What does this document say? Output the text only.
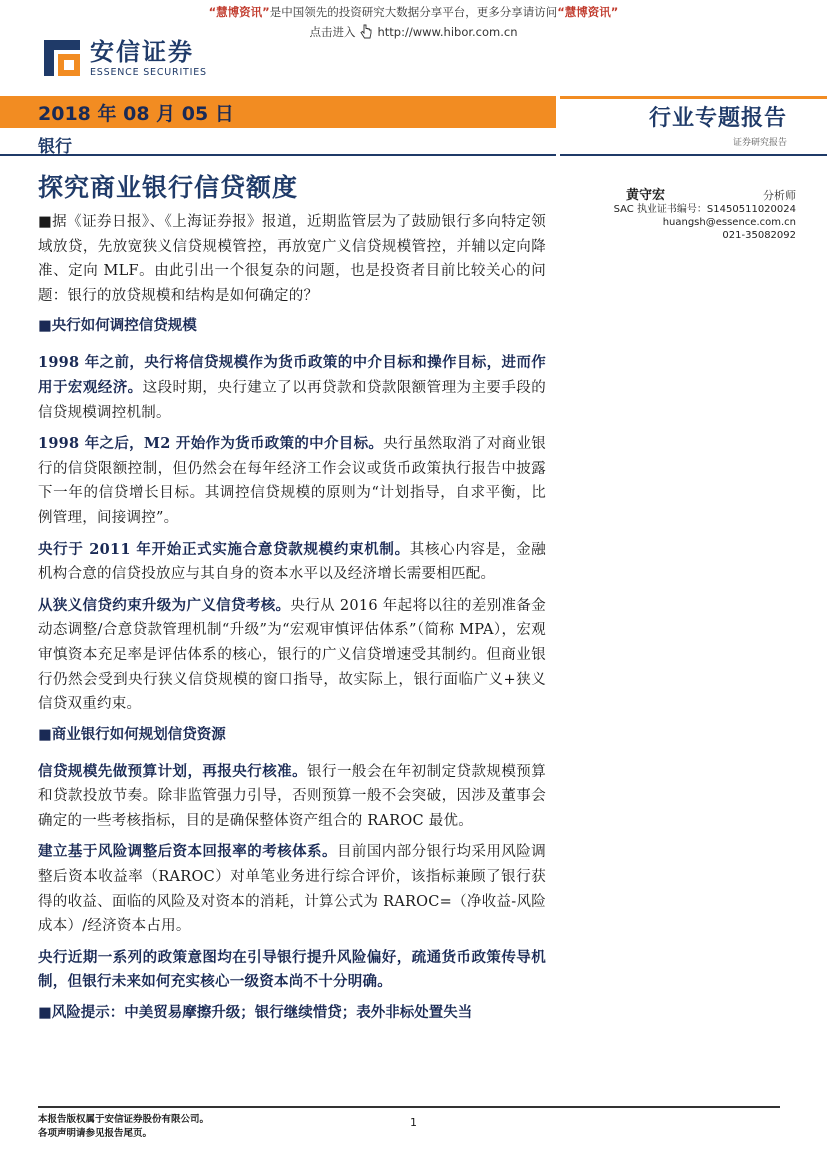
“慧博资讯”是中国领先的投资研究大数据分享平台，更多分享请访问“慧博资讯”
点击进入 http://www.hibor.com.cn
安信证券
ESSENCE SECURITIES
2018 年 08 月 05 日
银行
行业专题报告
证券研究报告
探究商业银行信贷额度	黄守宏	分析师
SAC 执业证书编号：S1450511020024
huangsh@essence.com.cn
021-35082092

■据《证券日报》、《上海证券报》报道，近期监管层为了鼓励银行多向特定领域放贷，先放宽狭义信贷规模管控，再放宽广义信贷规模管控，并辅以定向降准、定向 MLF。由此引出一个很复杂的问题，也是投资者目前比较关心的问题：银行的放贷规模和结构是如何确定的？

■央行如何调控信贷规模

1998 年之前，央行将信贷规模作为货币政策的中介目标和操作目标，进而作用于宏观经济。这段时期，央行建立了以再贷款和贷款限额管理为主要手段的信贷规模调控机制。

1998 年之后，M2 开始作为货币政策的中介目标。央行虽然取消了对商业银行的信贷限额控制，但仍然会在每年经济工作会议或货币政策执行报告中披露下一年的信贷增长目标。其调控信贷规模的原则为“计划指导，自求平衡，比例管理，间接调控”。

央行于 2011 年开始正式实施合意贷款规模约束机制。其核心内容是，金融机构合意的信贷投放应与其自身的资本水平以及经济增长需要相匹配。

从狭义信贷约束升级为广义信贷考核。央行从 2016 年起将以往的差别准备金动态调整/合意贷款管理机制“升级”为“宏观审慎评估体系”（简称 MPA），宏观审慎资本充足率是评估体系的核心，银行的广义信贷增速受其制约。但商业银行仍然会受到央行狭义信贷规模的窗口指导，故实际上，银行面临广义+狭义信贷双重约束。

■商业银行如何规划信贷资源

信贷规模先做预算计划，再报央行核准。银行一般会在年初制定贷款规模预算和贷款投放节奏。除非监管强力引导，否则预算一般不会突破，因涉及董事会确定的一些考核指标，目的是确保整体资产组合的 RAROC 最优。

建立基于风险调整后资本回报率的考核体系。目前国内部分银行均采用风险调整后资本收益率（RAROC）对单笔业务进行综合评价，该指标兼顾了银行获得的收益、面临的风险及对资本的消耗，计算公式为 RAROC=（净收益-风险成本）/经济资本占用。

央行近期一系列的政策意图均在引导银行提升风险偏好，疏通货币政策传导机制，但银行未来如何充实核心一级资本尚不十分明确。

■风险提示：中美贸易摩擦升级；银行继续惜贷；表外非标处置失当
本报告版权属于安信证券股份有限公司。
各项声明请参见报告尾页。
1
